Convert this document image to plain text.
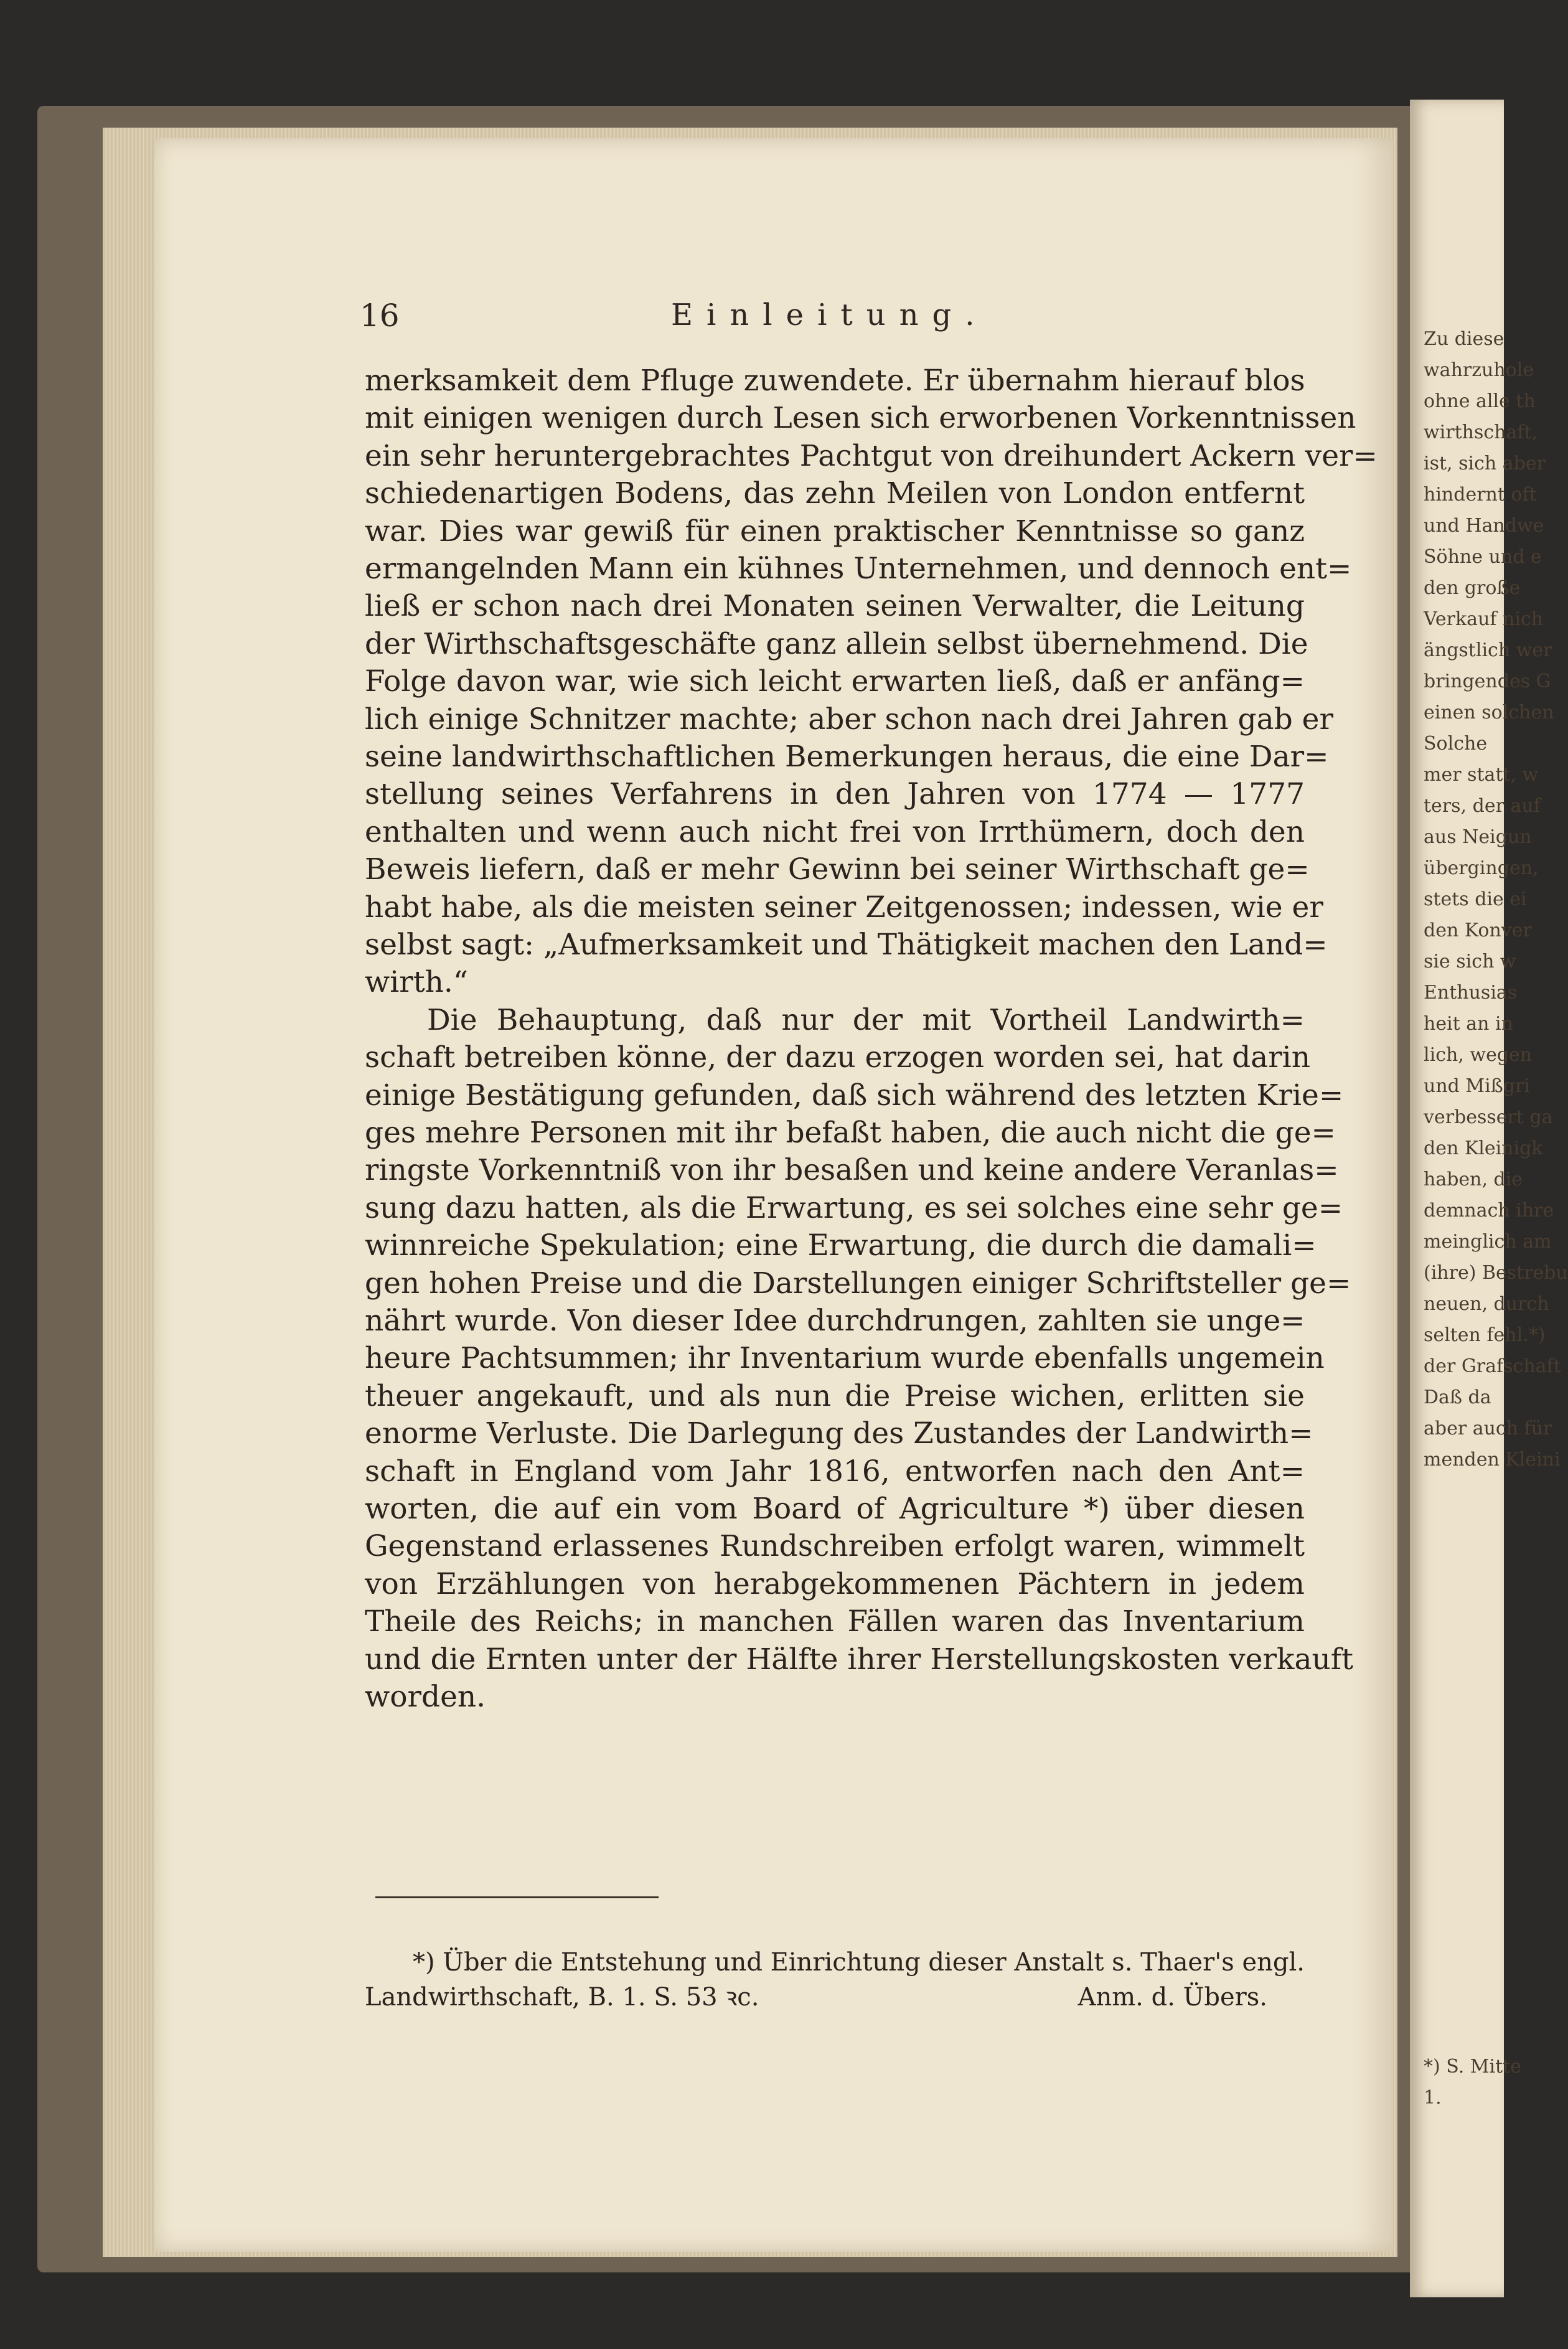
Zu diese
wahrzuhole
ohne alle th
wirthschaft,
ist, sich aber
hindernt oft
und Handwe
Söhne und e
den große
Verkauf nich
ängstlich wer
bringendes G
einen solchen
Solche
mer statt, w
ters, der auf
aus Neigun
übergingen,
stets die ei
den Konver
sie sich w
Enthusias
heit an in
lich, wegen
und Mißgri
verbessert ga
den Kleinigk
haben, die
demnach ihre
meinglich am
(ihre) Bestrebu
neuen, durch
selten fehl.*)
der Grafschaft
Daß da
aber auch für
menden Kleini
*) S. Mitte
1.
16	Einleitung.
merksamkeit dem Pfluge zuwendete. Er übernahm hierauf blos
mit einigen wenigen durch Lesen sich erworbenen Vorkenntnissen
ein sehr heruntergebrachtes Pachtgut von dreihundert Ackern ver=
schiedenartigen Bodens, das zehn Meilen von London entfernt
war. Dies war gewiß für einen praktischer Kenntnisse so ganz
ermangelnden Mann ein kühnes Unternehmen, und dennoch ent=
ließ er schon nach drei Monaten seinen Verwalter, die Leitung
der Wirthschaftsgeschäfte ganz allein selbst übernehmend. Die
Folge davon war, wie sich leicht erwarten ließ, daß er anfäng=
lich einige Schnitzer machte; aber schon nach drei Jahren gab er
seine landwirthschaftlichen Bemerkungen heraus, die eine Dar=
stellung seines Verfahrens in den Jahren von 1774 — 1777
enthalten und wenn auch nicht frei von Irrthümern, doch den
Beweis liefern, daß er mehr Gewinn bei seiner Wirthschaft ge=
habt habe, als die meisten seiner Zeitgenossen; indessen, wie er
selbst sagt: „Aufmerksamkeit und Thätigkeit machen den Land=
wirth.“
Die Behauptung, daß nur der mit Vortheil Landwirth=
schaft betreiben könne, der dazu erzogen worden sei, hat darin
einige Bestätigung gefunden, daß sich während des letzten Krie=
ges mehre Personen mit ihr befaßt haben, die auch nicht die ge=
ringste Vorkenntniß von ihr besaßen und keine andere Veranlas=
sung dazu hatten, als die Erwartung, es sei solches eine sehr ge=
winnreiche Spekulation; eine Erwartung, die durch die damali=
gen hohen Preise und die Darstellungen einiger Schriftsteller ge=
nährt wurde. Von dieser Idee durchdrungen, zahlten sie unge=
heure Pachtsummen; ihr Inventarium wurde ebenfalls ungemein
theuer angekauft, und als nun die Preise wichen, erlitten sie
enorme Verluste. Die Darlegung des Zustandes der Landwirth=
schaft in England vom Jahr 1816, entworfen nach den Ant=
worten, die auf ein vom Board of Agriculture *) über diesen
Gegenstand erlassenes Rundschreiben erfolgt waren, wimmelt
von Erzählungen von herabgekommenen Pächtern in jedem
Theile des Reichs; in manchen Fällen waren das Inventarium
und die Ernten unter der Hälfte ihrer Herstellungskosten verkauft
worden.
*) Über die Entstehung und Einrichtung dieser Anstalt s. Thaer's engl.
Landwirthschaft, B. 1. S. 53 ꝛc.	Anm. d. Übers.
